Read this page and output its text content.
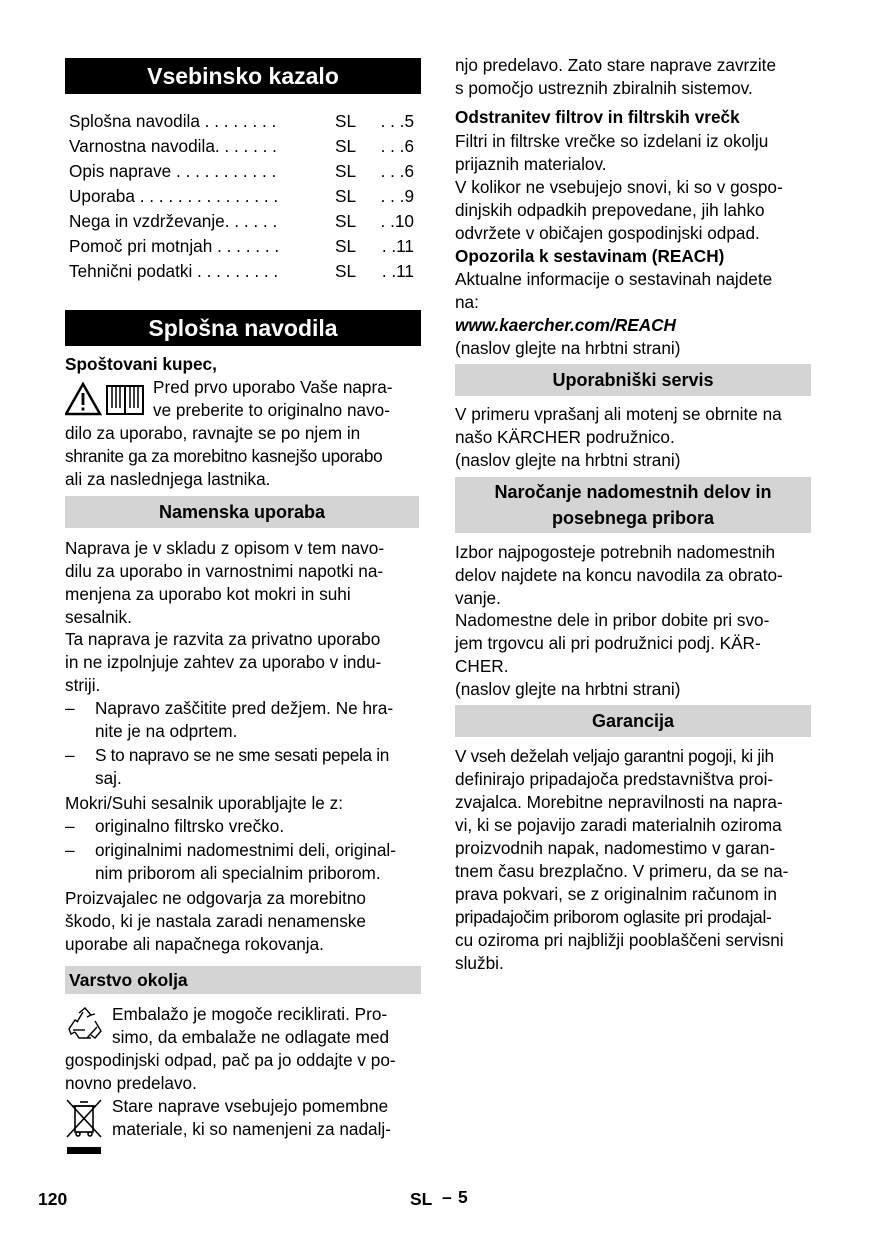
Vsebinsko kazalo
Splošna navodila . . . . . . . .	SL . . .5
Varnostna navodila. . . . . . .	SL . . .6
Opis naprave . . . . . . . . . . .	SL . . .6
Uporaba . . . . . . . . . . . . . . .	SL . . .9
Nega in vzdrževanje. . . . . .	SL . .10
Pomoč pri motnjah . . . . . . .	SL . .11
Tehnični podatki . . . . . . . . .	SL . .11
Splošna navodila
Spoštovani kupec,
Pred prvo uporabo Vaše napra-
ve preberite to originalno navo-
dilo za uporabo, ravnajte se po njem in
shranite ga za morebitno kasnejšo uporabo
ali za naslednjega lastnika.
Namenska uporaba
Naprava je v skladu z opisom v tem navo-
dilu za uporabo in varnostnimi napotki na-
menjena za uporabo kot mokri in suhi
sesalnik.
Ta naprava je razvita za privatno uporabo
in ne izpolnjuje zahtev za uporabo v indu-
striji.
– Napravo zaščitite pred dežjem. Ne hra-
nite je na odprtem.
– S to napravo se ne sme sesati pepela in
saj.
Mokri/Suhi sesalnik uporabljajte le z:
– originalno filtrsko vrečko.
– originalnimi nadomestnimi deli, original-
nim priborom ali specialnim priborom.
Proizvajalec ne odgovarja za morebitno
škodo, ki je nastala zaradi nenamenske
uporabe ali napačnega rokovanja.
Varstvo okolja
Embalažo je mogoče reciklirati. Pro-
simo, da embalaže ne odlagate med
gospodinjski odpad, pač pa jo oddajte v po-
novno predelavo.
Stare naprave vsebujejo pomembne
materiale, ki so namenjeni za nadalj-
njo predelavo. Zato stare naprave zavrzite
s pomočjo ustreznih zbiralnih sistemov.
Odstranitev filtrov in filtrskih vrečk
Filtri in filtrske vrečke so izdelani iz okolju
prijaznih materialov.
V kolikor ne vsebujejo snovi, ki so v gospo-
dinjskih odpadkih prepovedane, jih lahko
odvržete v običajen gospodinjski odpad.
Opozorila k sestavinam (REACH)
Aktualne informacije o sestavinah najdete
na:
www.kaercher.com/REACH
(naslov glejte na hrbtni strani)
Uporabniški servis
V primeru vprašanj ali motenj se obrnite na
našo KÄRCHER podružnico.
(naslov glejte na hrbtni strani)
Naročanje nadomestnih delov in
posebnega pribora
Izbor najpogosteje potrebnih nadomestnih
delov najdete na koncu navodila za obrato-
vanje.
Nadomestne dele in pribor dobite pri svo-
jem trgovcu ali pri podružnici podj. KÄR-
CHER.
(naslov glejte na hrbtni strani)
Garancija
V vseh deželah veljajo garantni pogoji, ki jih
definirajo pripadajoča predstavništva proi-
zvajalca. Morebitne nepravilnosti na napra-
vi, ki se pojavijo zaradi materialnih oziroma
proizvodnih napak, nadomestimo v garan-
tnem času brezplačno. V primeru, da se na-
prava pokvari, se z originalnim računom in
pripadajočim priborom oglasite pri prodajal-
cu oziroma pri najbližji pooblaščeni servisni
službi.
120	SL – 5
